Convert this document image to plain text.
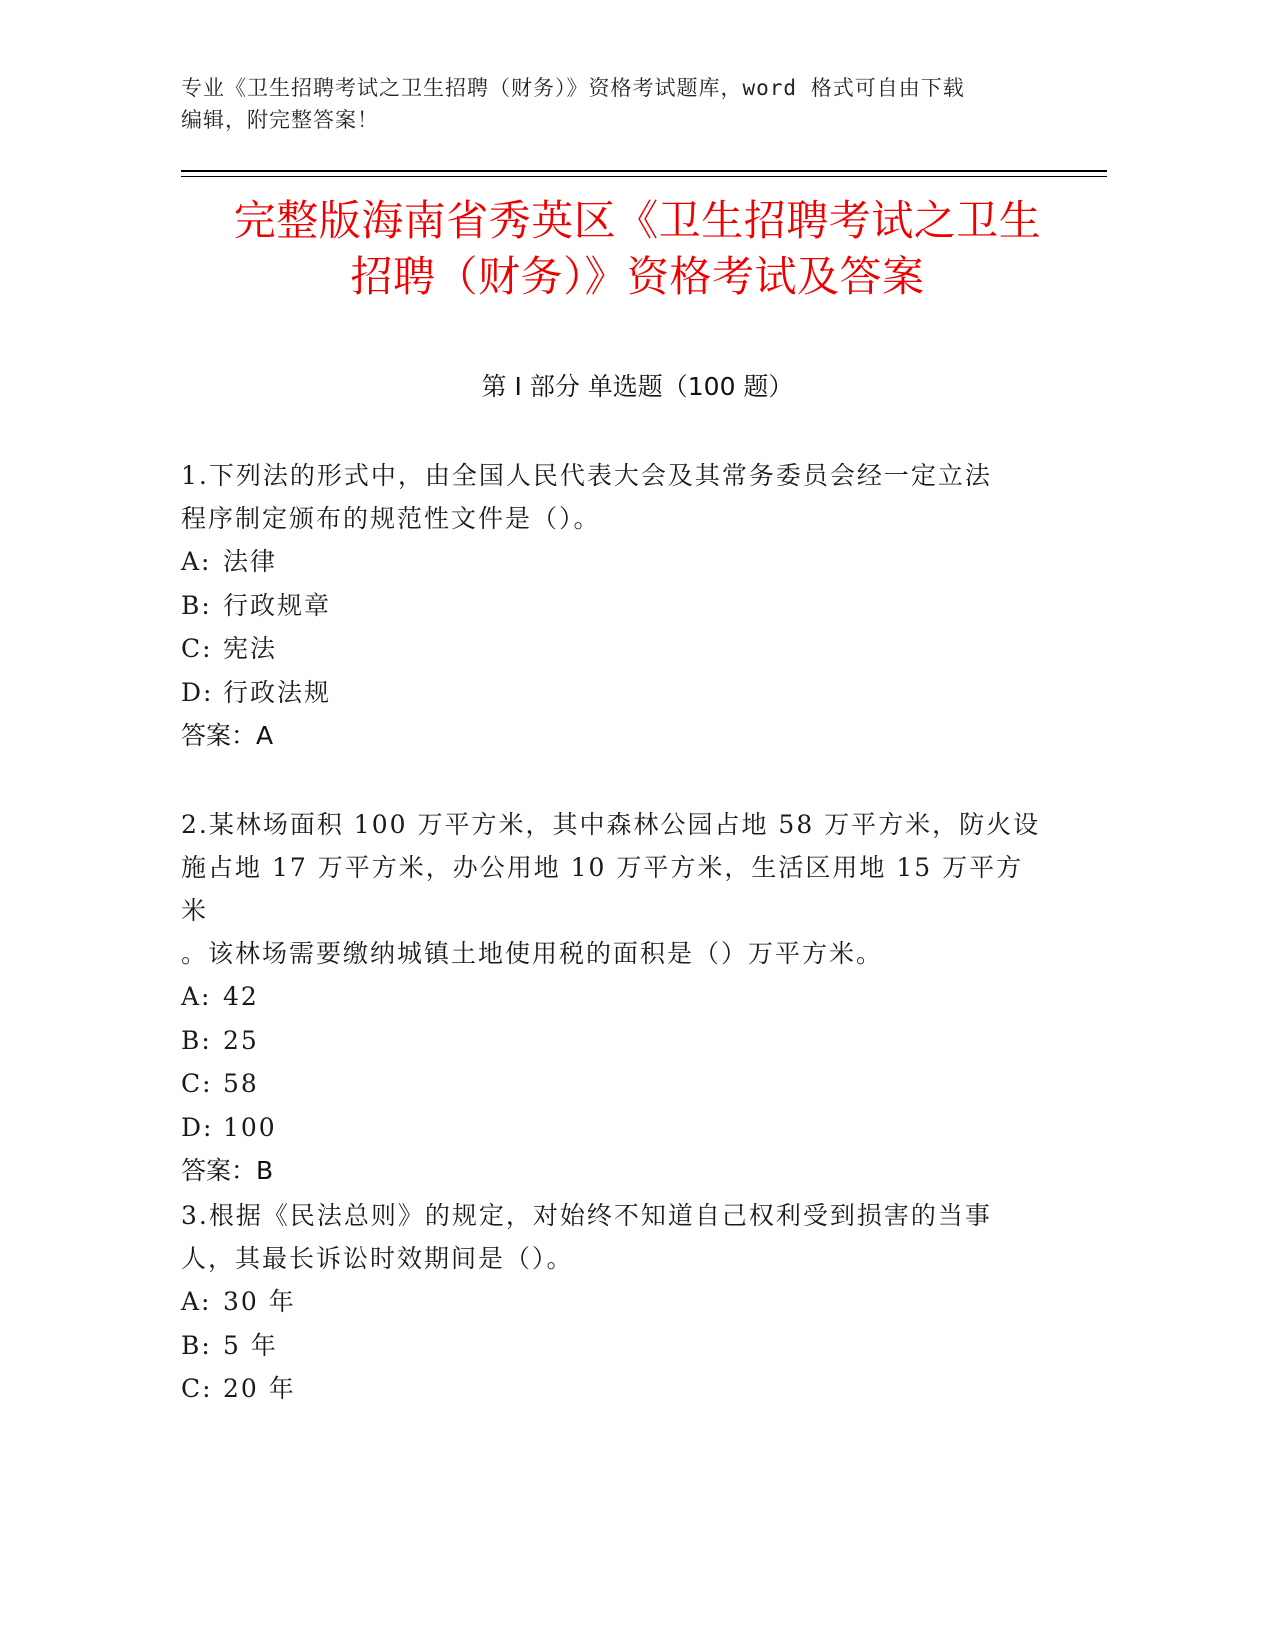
专业《卫生招聘考试之卫生招聘（财务）》资格考试题库，word 格式可自由下载
编辑，附完整答案！
完整版海南省秀英区《卫生招聘考试之卫生
招聘（财务）》资格考试及答案
第 I 部分 单选题（100 题）

1.下列法的形式中，由全国人民代表大会及其常务委员会经一定立法
程序制定颁布的规范性文件是（）。

A: 法律

B: 行政规章

C: 宪法

D: 行政法规

答案：A

2.某林场面积 100 万平方米，其中森林公园占地 58 万平方米，防火设
施占地 17 万平方米，办公用地 10 万平方米，生活区用地 15 万平方米
。该林场需要缴纳城镇土地使用税的面积是（）万平方米。

A: 42

B: 25

C: 58

D: 100

答案：B

3.根据《民法总则》的规定，对始终不知道自己权利受到损害的当事
人，其最长诉讼时效期间是（）。

A: 30 年

B: 5 年

C: 20 年
